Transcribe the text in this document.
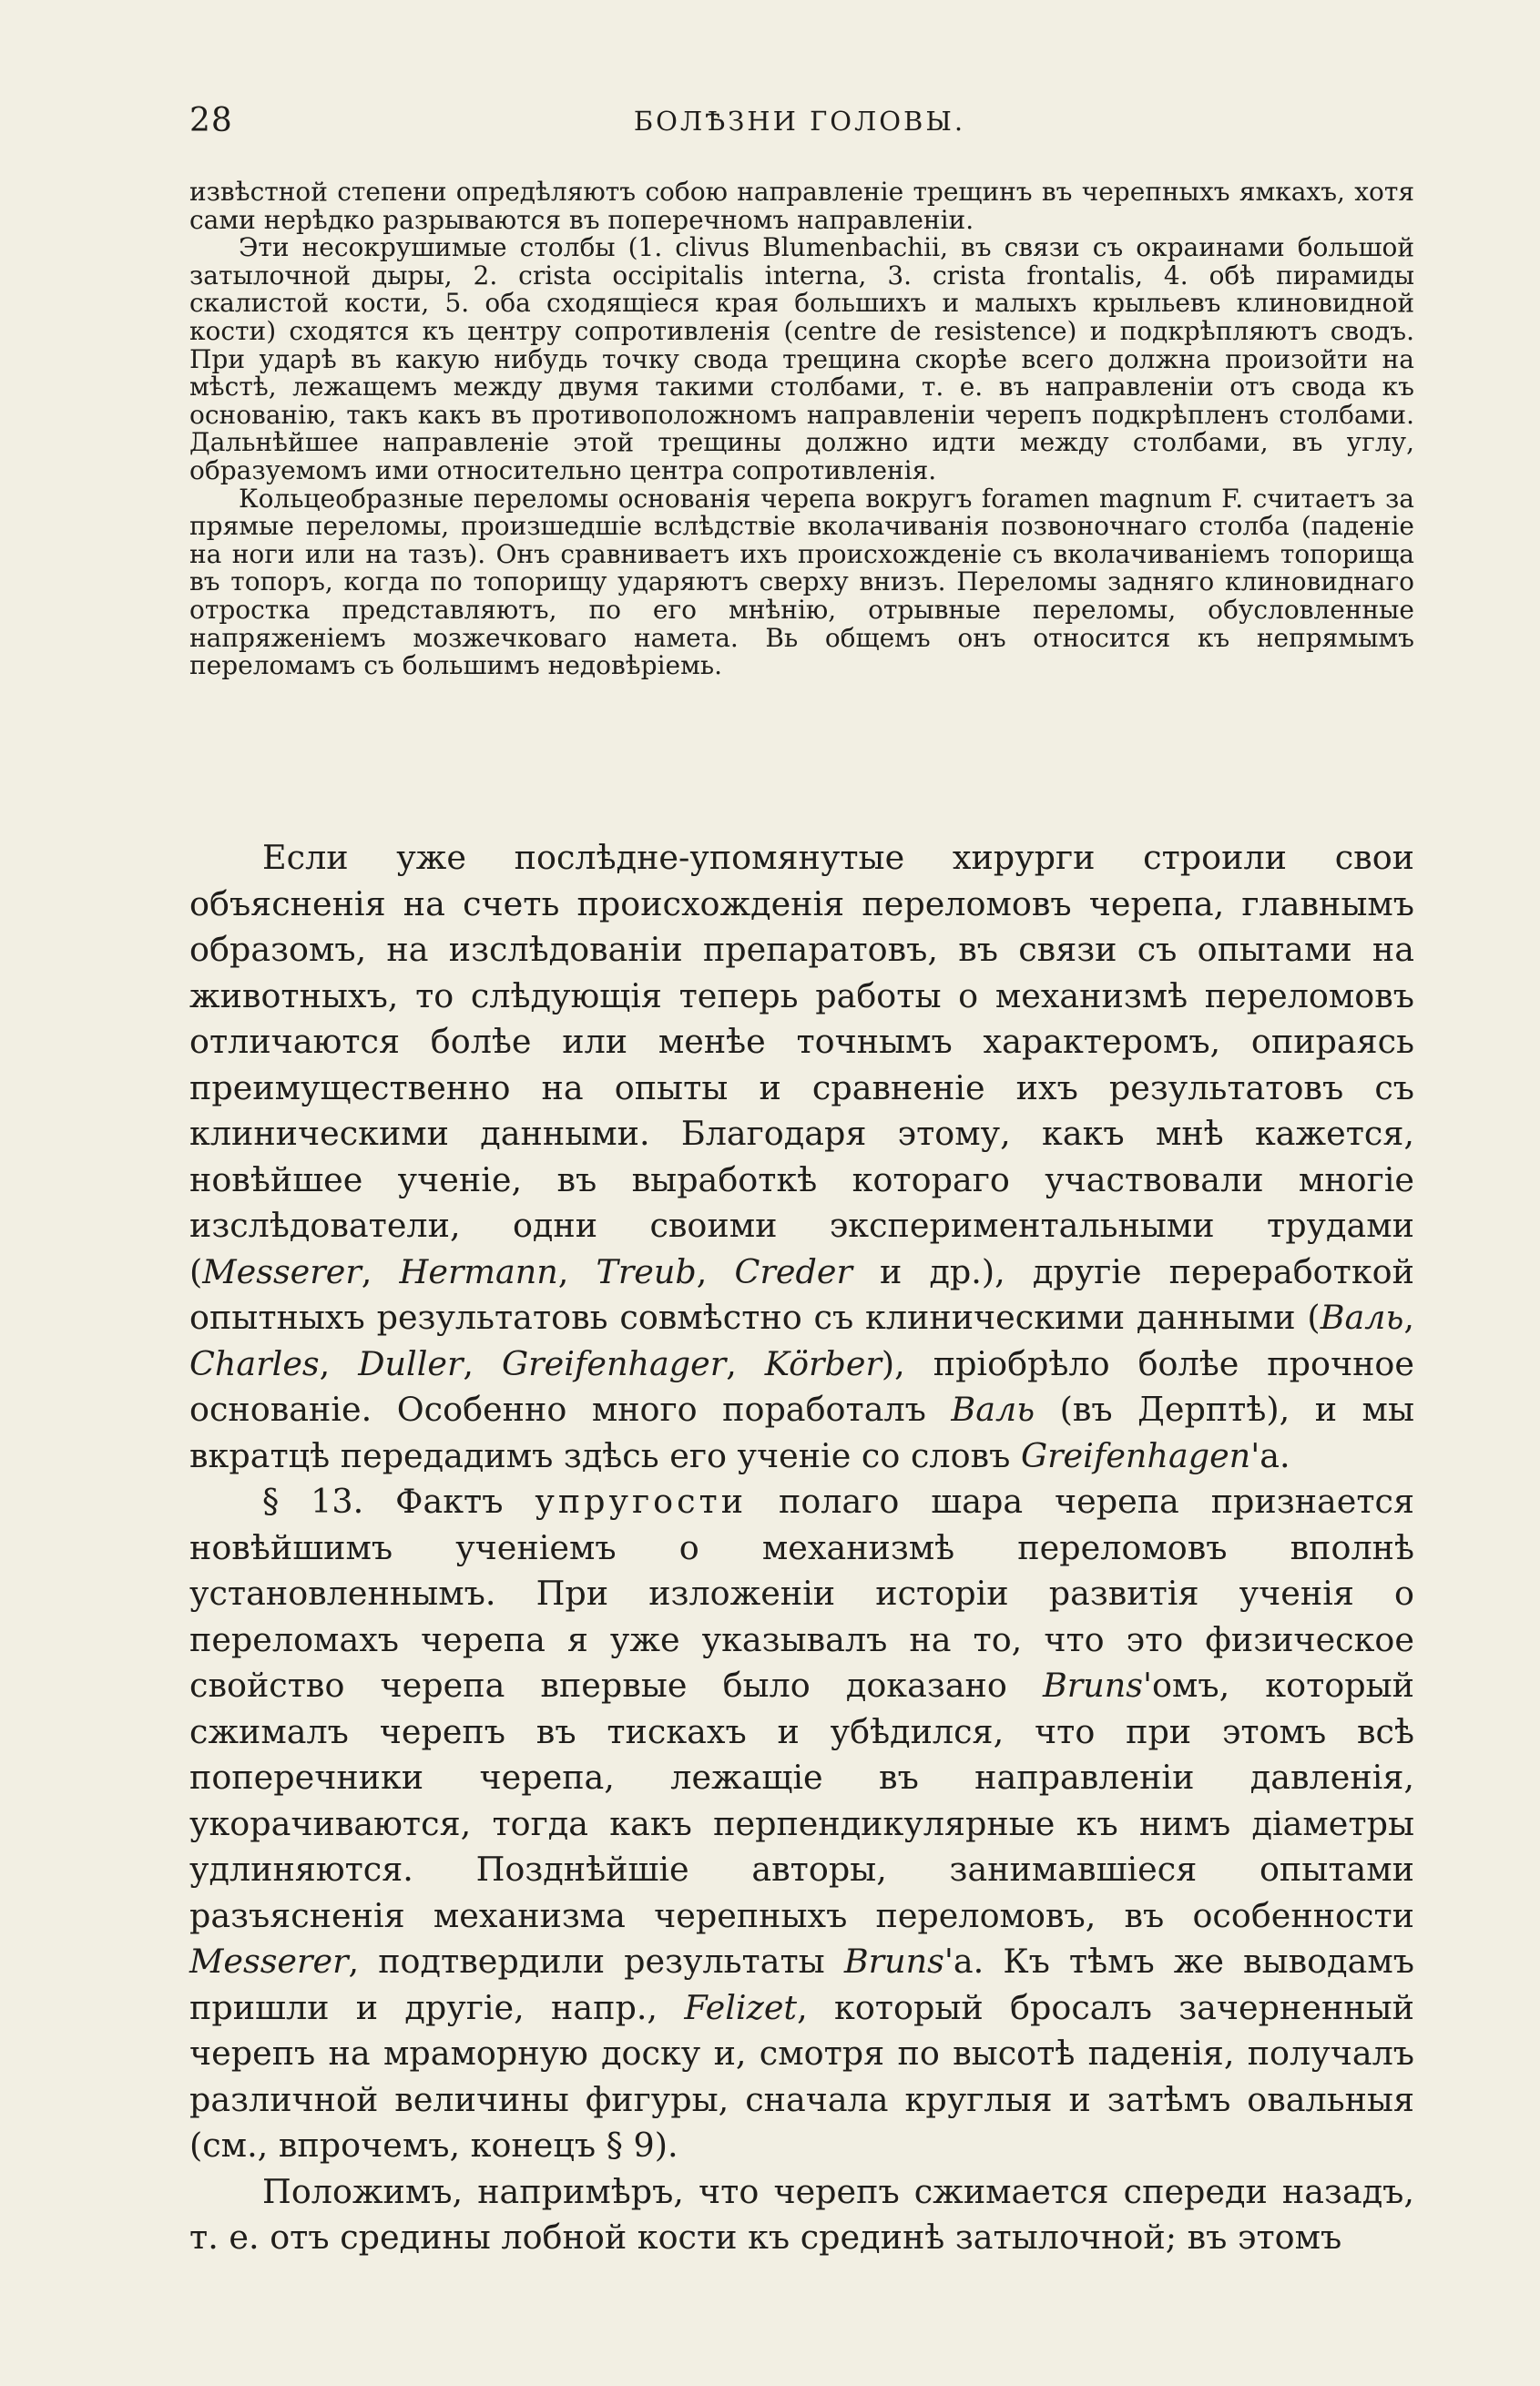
28	БОЛѢЗНИ ГОЛОВЫ.

извѣстной степени опредѣляютъ собою направленіе трещинъ въ черепныхъ ямкахъ, хотя сами нерѣдко разрываются въ поперечномъ направленіи.

Эти несокрушимые столбы (1. clivus Blumenbachii, въ связи съ окраинами большой затылочной дыры, 2. crista occipitalis interna, 3. crista frontalis, 4. обѣ пирамиды скалистой кости, 5. оба сходящіеся края большихъ и малыхъ крыльевъ клиновидной кости) сходятся къ центру сопротивленія (centre de resistence) и подкрѣпляютъ сводъ. При ударѣ въ какую нибудь точку свода трещина скорѣе всего должна произойти на мѣстѣ, лежащемъ между двумя такими столбами, т. е. въ направленіи отъ свода къ основанію, такъ какъ въ противоположномъ направленіи черепъ подкрѣпленъ столбами. Дальнѣйшее направленіе этой трещины должно идти между столбами, въ углу, образуемомъ ими относительно центра сопротивленія.

Кольцеобразные переломы основанія черепа вокругъ foramen magnum F. считаетъ за прямые переломы, произшедшіе вслѣдствіе вколачиванія позвоночнаго столба (паденіе на ноги или на тазъ). Онъ сравниваетъ ихъ происхожденіе съ вколачиваніемъ топорища въ топоръ, когда по топорищу ударяютъ сверху внизъ. Переломы задняго клиновиднаго отростка представляютъ, по его мнѣнію, отрывные переломы, обусловленные напряженіемъ мозжечковаго намета. Вь общемъ онъ относится къ непрямымъ переломамъ съ большимъ недовѣріемь.

Если уже послѣдне-упомянутые хирурги строили свои объясненія на счеть происхожденія переломовъ черепа, главнымъ образомъ, на изслѣдованіи препаратовъ, въ связи съ опытами на животныхъ, то слѣдующія теперь работы о механизмѣ переломовъ отличаются болѣе или менѣе точнымъ характеромъ, опираясь преимущественно на опыты и сравненіе ихъ результатовъ съ клиническими данными. Благодаря этому, какъ мнѣ кажется, новѣйшее ученіе, въ выработкѣ котораго участвовали многіе изслѣдователи, одни своими экспериментальными трудами (Messerer, Hermann, Treub, Creder и др.), другіе переработкой опытныхъ результатовь совмѣстно съ клиническими данными (Валь, Charles, Duller, Greifenhager, Körber), пріобрѣло болѣе прочное основаніе. Особенно много поработалъ Валь (въ Дерптѣ), и мы вкратцѣ передадимъ здѣсь его ученіе со словъ Greifenhagen'а.

§ 13. Фактъ упругости полаго шара черепа признается новѣйшимъ ученіемъ о механизмѣ переломовъ вполнѣ установленнымъ. При изложеніи исторіи развитія ученія о переломахъ черепа я уже указывалъ на то, что это физическое свойство черепа впервые было доказано Bruns'омъ, который сжималъ черепъ въ тискахъ и убѣдился, что при этомъ всѣ поперечники черепа, лежащіе въ направленіи давленія, укорачиваются, тогда какъ перпендикулярные къ нимъ діаметры удлиняются. Позднѣйшіе авторы, занимавшіеся опытами разъясненія механизма черепныхъ переломовъ, въ особенности Messerer, подтвердили результаты Bruns'а. Къ тѣмъ же выводамъ пришли и другіе, напр., Felizet, который бросалъ зачерненный черепъ на мраморную доску и, смотря по высотѣ паденія, получалъ различной величины фигуры, сначала круглыя и затѣмъ овальныя (см., впрочемъ, конецъ § 9).

Положимъ, напримѣръ, что черепъ сжимается спереди назадъ, т. е. отъ средины лобной кости къ срединѣ затылочной; въ этомъ
